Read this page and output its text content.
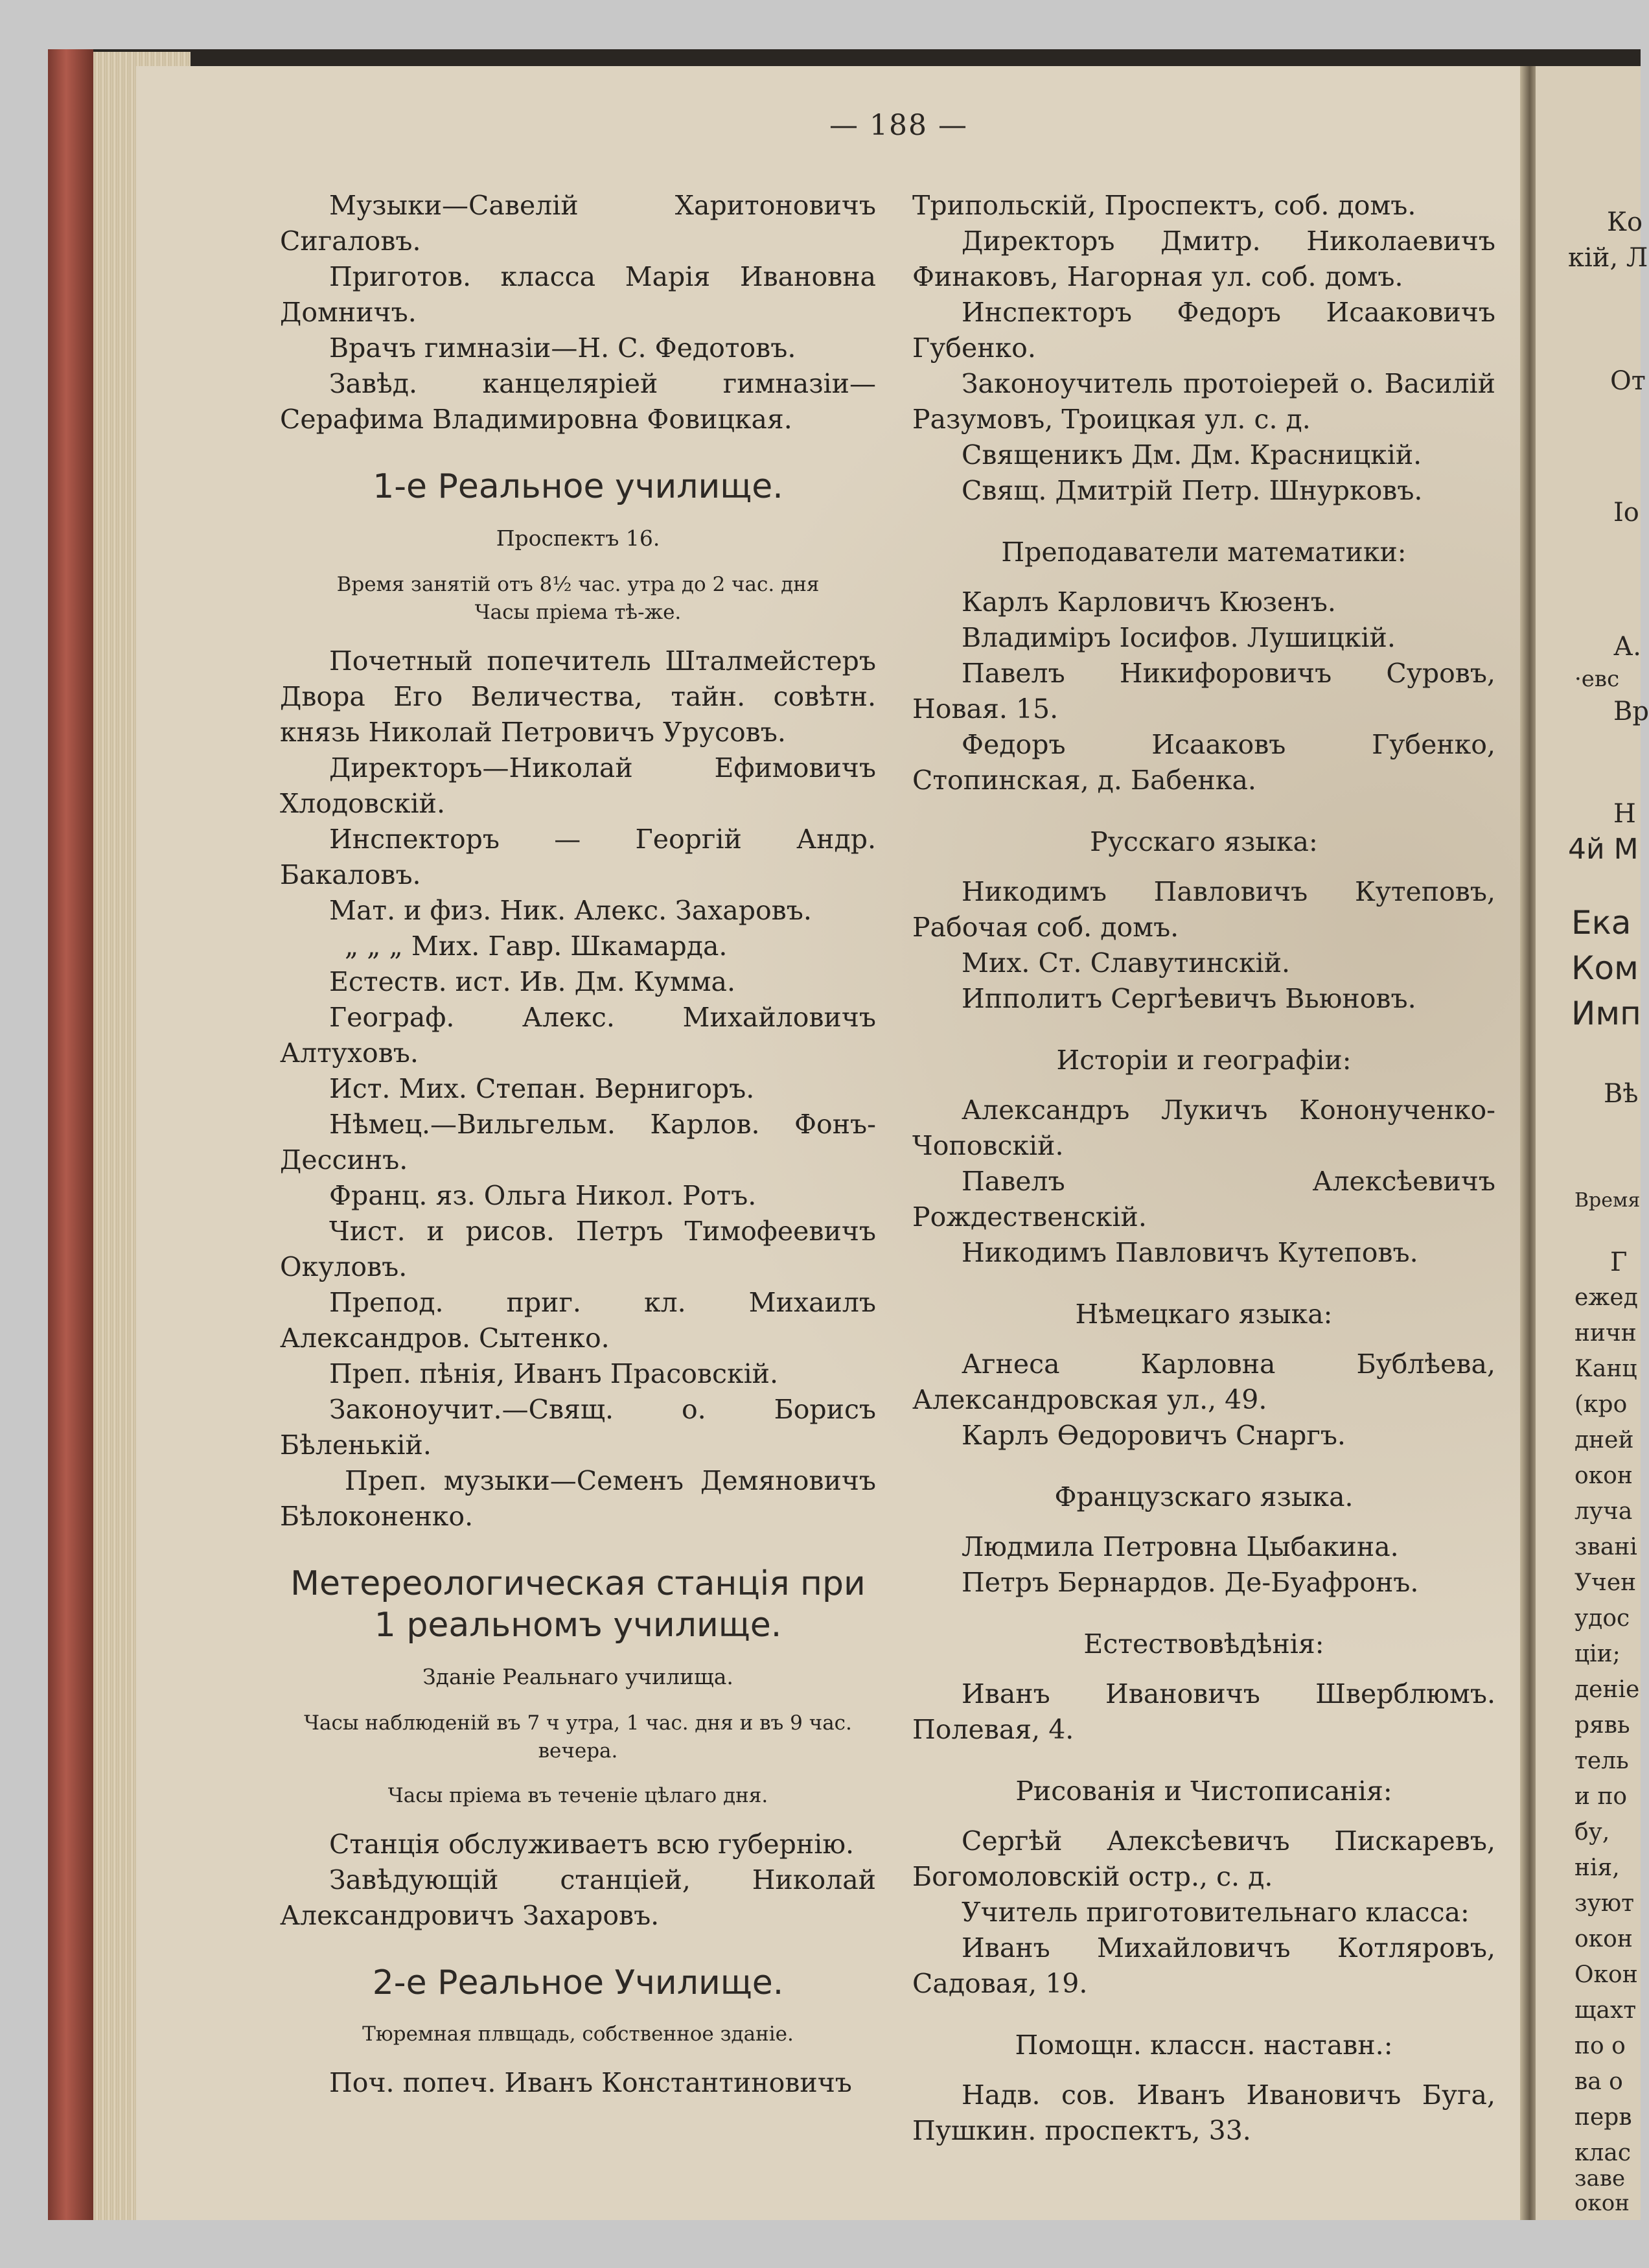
— 188 —

Музыки—Савелій Харитоновичъ Сигаловъ.

Приготов. класса Марія Ивановна Домничъ.

Врачъ гимназіи—Н. С. Федотовъ.

Завѣд. канцеляріей гимназіи—Серафима Владимировна Фовицкая.

1-е Реальное училище.
Проспектъ 16.
Время занятій отъ 8½ час. утра до 2 час. дня
Часы пріема тѣ-же.

Почетный попечитель Шталмейстеръ Двора Его Величества, тайн. совѣтн. князь Николай Петровичъ Урусовъ.

Директоръ—Николай Ефимовичъ Хлодовскій.

Инспекторъ — Георгій Андр. Бакаловъ.

Мат. и физ. Ник. Алекс. Захаровъ.

„ „ „ Мих. Гавр. Шкамарда.

Естеств. ист. Ив. Дм. Кумма.

Географ. Алекс. Михайловичъ Алтуховъ.

Ист. Мих. Степан. Вернигоръ.

Нѣмец.—Вильгельм. Карлов. Фонъ-Дессинъ.

Франц. яз. Ольга Никол. Ротъ.

Чист. и рисов. Петръ Тимофеевичъ Окуловъ.

Препод. приг. кл. Михаилъ Александров. Сытенко.

Преп. пѣнія, Иванъ Прасовскій.

Законоучит.—Свящ. о. Борисъ Бѣленькій.

Преп. музыки—Семенъ Демяновичъ Бѣлоконенко.

Метереологическая станція при 1 реальномъ училище.
Зданіе Реальнаго училища.
Часы наблюденій въ 7 ч утра, 1 час. дня и въ 9 час. вечера.
Часы пріема въ теченіе цѣлаго дня.

Станція обслуживаетъ всю губернію.

Завѣдующій станціей, Николай Александровичъ Захаровъ.

2-е Реальное Училище.
Тюремная плвщадь, собственное зданіе.

Поч. попеч. Иванъ Константиновичъ

Трипольскій, Проспектъ, соб. домъ.

Директоръ Дмитр. Николаевичъ Финаковъ, Нагорная ул. соб. домъ.

Инспекторъ Федоръ Исааковичъ Губенко.

Законоучитель протоіерей о. Василій Разумовъ, Троицкая ул. с. д.

Священикъ Дм. Дм. Красницкій.

Свящ. Дмитрій Петр. Шнурковъ.

Преподаватели математики:

Карлъ Карловичъ Кюзенъ.

Владиміръ Іосифов. Лушицкій.

Павелъ Никифоровичъ Суровъ, Новая. 15.

Федоръ Исааковъ Губенко, Стопинская, д. Бабенка.

Русскаго языка:

Никодимъ Павловичъ Кутеповъ, Рабочая соб. домъ.

Мих. Ст. Славутинскій.

Ипполитъ Сергѣевичъ Вьюновъ.

Исторіи и географіи:

Александръ Лукичъ Кононученко-Чоповскій.

Павелъ Алексѣевичъ Рождественскій.

Никодимъ Павловичъ Кутеповъ.

Нѣмецкаго языка:

Агнеса Карловна Бублѣева, Александровская ул., 49.

Карлъ Ѳедоровичъ Снаргъ.

Французскаго языка.

Людмила Петровна Цыбакина.

Петръ Бернардов. Де-Буафронъ.

Естествовѣдѣнія:

Иванъ Ивановичъ Шверблюмъ. Полевая, 4.

Рисованія и Чистописанія:

Сергѣй Алексѣевичъ Пискаревъ, Богомоловскій остр., с. д.

Учитель приготовительнаго класса:

Иванъ Михайловичъ Котляровъ, Садовая, 19.

Помощн. классн. наставн.:

Надв. сов. Иванъ Ивановичъ Буга, Пушкин. проспектъ, 33.

Ко
кій, Л
От
Іо
А.
·евс
Вр
Н
4й М
Ека
Ком
Имп
Вѣ
Время
Г
ежед
ничн
Канц
(кро
дней
окон
луча
звані
Учен
удос
ціи;
деніе
рявь
тель
и по
бу,
нія,
зуют
окон
Окон
щахт
по о
ва о
перв
клас
заве
окон
